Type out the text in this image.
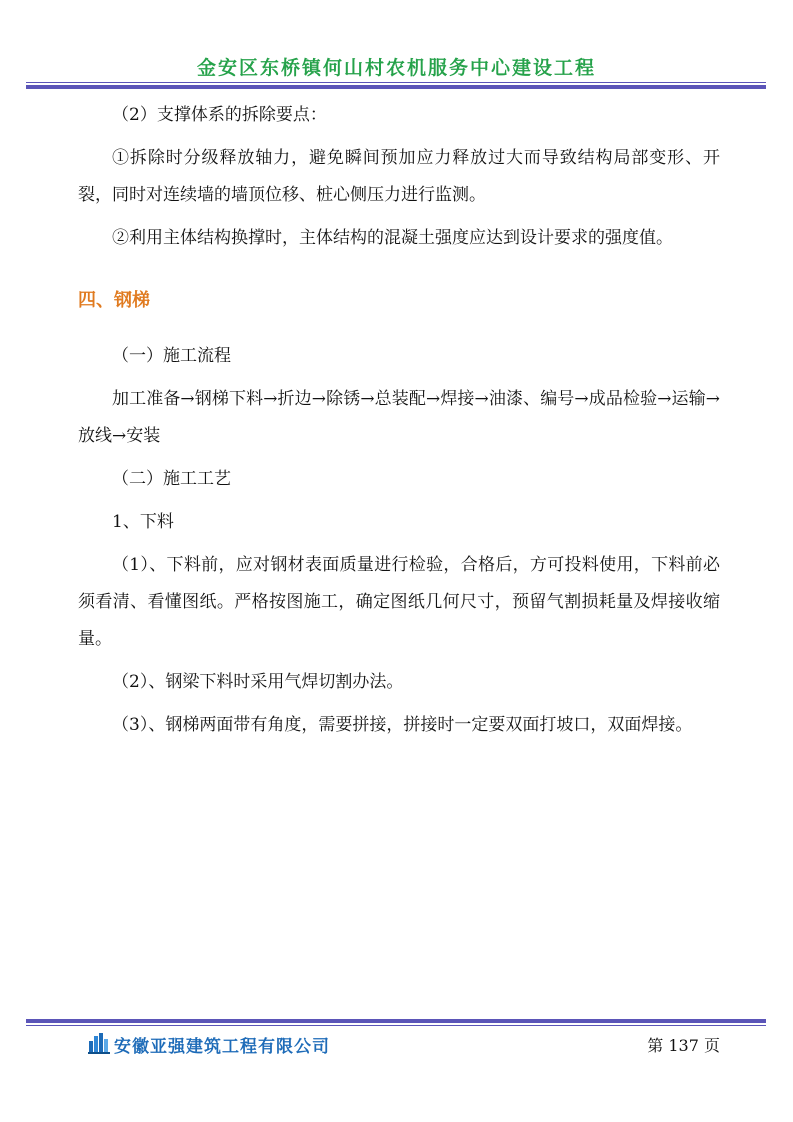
金安区东桥镇何山村农机服务中心建设工程

（2）支撑体系的拆除要点：

①拆除时分级释放轴力，避免瞬间预加应力释放过大而导致结构局部变形、开裂，同时对连续墙的墙顶位移、桩心侧压力进行监测。

②利用主体结构换撑时，主体结构的混凝土强度应达到设计要求的强度值。

四、钢梯

（一）施工流程

加工准备→钢梯下料→折边→除锈→总装配→焊接→油漆、编号→成品检验→运输→放线→安装

（二）施工工艺

1、下料

（1）、下料前，应对钢材表面质量进行检验，合格后，方可投料使用，下料前必须看清、看懂图纸。严格按图施工，确定图纸几何尺寸，预留气割损耗量及焊接收缩量。

（2）、钢梁下料时采用气焊切割办法。

（3）、钢梯两面带有角度，需要拼接，拼接时一定要双面打坡口，双面焊接。

安徽亚强建筑工程有限公司	第 137 页
